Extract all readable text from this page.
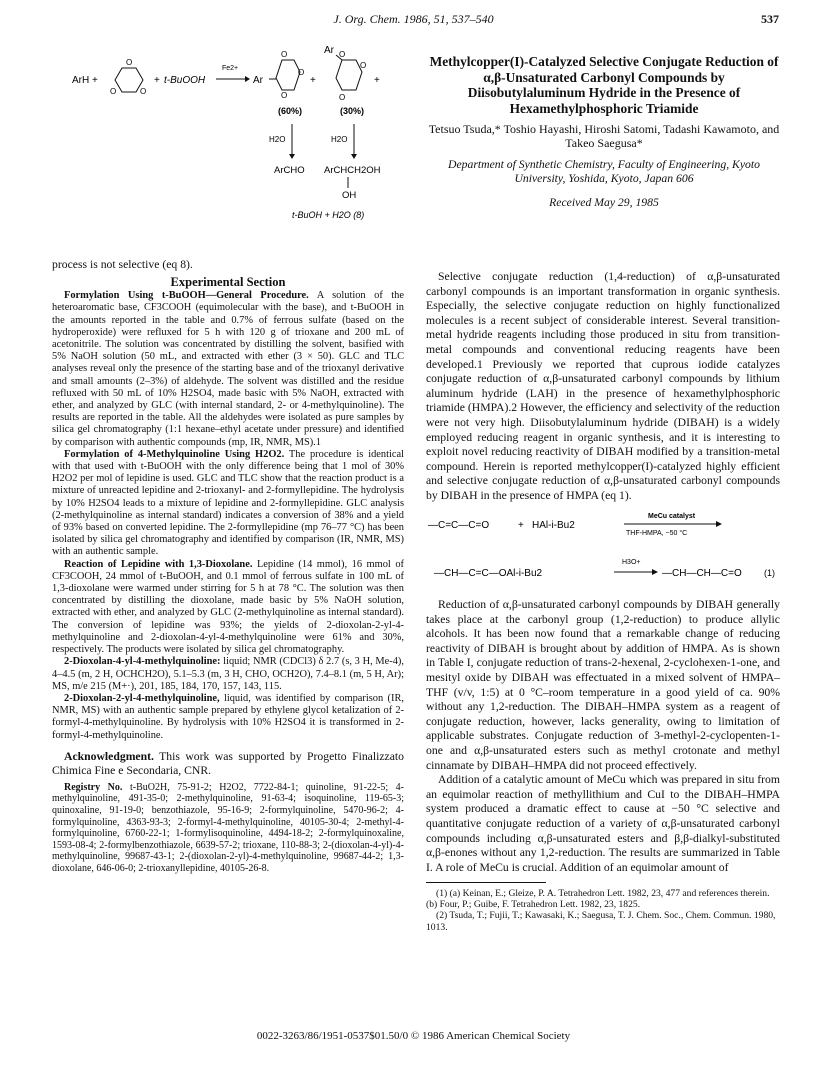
J. Org. Chem. 1986, 51, 537–540	537
ArH +
O	O
O
+ t-BuOOH
Fe2+
Ar
O
O
O
+
Ar O
O
O
+
(60%)	(30%)
H2O	H2O
ArCHO ArCHCH2OH
OH
t-BuOH + H2O (8)
Methylcopper(I)-Catalyzed Selective Conjugate Reduction of α,β-Unsaturated Carbonyl Compounds by Diisobutylaluminum Hydride in the Presence of Hexamethylphosphoric Triamide
Tetsuo Tsuda,* Toshio Hayashi, Hiroshi Satomi, Tadashi Kawamoto, and Takeo Saegusa*
Department of Synthetic Chemistry, Faculty of Engineering, Kyoto University, Yoshida, Kyoto, Japan 606
Received May 29, 1985

process is not selective (eq 8).

Experimental Section

Formylation Using t-BuOOH—General Procedure. A solution of the heteroaromatic base, CF3COOH (equimolecular with the base), and t-BuOOH in the amounts reported in the table and 0.7% of ferrous sulfate (based on the hydroperoxide) were refluxed for 5 h with 120 g of trioxane and 200 mL of acetonitrile. The solution was concentrated by distilling the solvent, basified with 5% NaOH solution (50 mL, and extracted with ether (3 × 50). GLC and TLC analyses reveal only the presence of the starting base and of the trioxanyl derivative and small amounts (2–3%) of aldehyde. The solvent was distilled and the residue refluxed with 50 mL of 10% H2SO4, made basic with 5% NaOH, extracted with ether, and analyzed by GLC (with internal standard, 2- or 4-methylquinoline). The results are reported in the table. All the aldehydes were isolated as pure samples by silica gel chromatography (1:1 hexane–ethyl acetate under pressure) and identified by comparison with authentic compounds (mp, IR, NMR, MS).1

Formylation of 4-Methylquinoline Using H2O2. The procedure is identical with that used with t-BuOOH with the only difference being that 1 mol of 30% H2O2 per mol of lepidine is used. GLC and TLC show that the reaction product is a mixture of unreacted lepidine and 2-trioxanyl- and 2-formyllepidine. The hydrolysis by 10% H2SO4 leads to a mixture of lepidine and 2-formyllepidine. GLC analysis (2-methylquinoline as internal standard) indicates a conversion of 38% and a yield of 93% based on converted lepidine. The 2-formyllepidine (mp 76–77 °C) has been isolated by silica gel chromatography and identified by comparison (IR, NMR, MS) with an authentic sample.

Reaction of Lepidine with 1,3-Dioxolane. Lepidine (14 mmol), 16 mmol of CF3COOH, 24 mmol of t-BuOOH, and 0.1 mmol of ferrous sulfate in 100 mL of 1,3-dioxolane were warmed under stirring for 5 h at 78 °C. The solution was then concentrated by distilling the dioxolane, made basic by 5% NaOH solution, extracted with ether, and analyzed by GLC (2-methylquinoline as internal standard). The conversion of lepidine was 93%; the yields of 2-dioxolan-2-yl-4-methylquinoline and 2-dioxolan-4-yl-4-methylquinoline were 61% and 30%, respectively. The products were isolated by silica gel chromatography.

2-Dioxolan-4-yl-4-methylquinoline: liquid; NMR (CDCl3) δ 2.7 (s, 3 H, Me-4), 4–4.5 (m, 2 H, OCHCH2O), 5.1–5.3 (m, 3 H, CHO, OCH2O), 7.4–8.1 (m, 5 H, Ar); MS, m/e 215 (M+·), 201, 185, 184, 170, 157, 143, 115.

2-Dioxolan-2-yl-4-methylquinoline, liquid, was identified by comparison (IR, NMR, MS) with an authentic sample prepared by ethylene glycol ketalization of 2-formyl-4-methylquinoline. By hydrolysis with 10% H2SO4 it is transformed in 2-formyl-4-methylquinoline.

Acknowledgment. This work was supported by Progetto Finalizzato Chimica Fine e Secondaria, CNR.

Registry No. t-BuO2H, 75-91-2; H2O2, 7722-84-1; quinoline, 91-22-5; 4-methylquinoline, 491-35-0; 2-methylquinoline, 91-63-4; isoquinoline, 119-65-3; quinoxaline, 91-19-0; benzothiazole, 95-16-9; 2-formylquinoline, 5470-96-2; 4-formylquinoline, 4363-93-3; 2-formyl-4-methylquinoline, 40105-30-4; 2-methyl-4-formylquinoline, 6760-22-1; 1-formylisoquinoline, 4494-18-2; 2-formylquinoxaline, 1593-08-4; 2-formylbenzothiazole, 6639-57-2; trioxane, 110-88-3; 2-(dioxolan-4-yl)-4-methylquinoline, 99687-43-1; 2-(dioxolan-2-yl)-4-methylquinoline, 99687-44-2; 1,3-dioxolane, 646-06-0; 2-trioxanyllepidine, 40105-26-8.

Selective conjugate reduction (1,4-reduction) of α,β-unsaturated carbonyl compounds is an important transformation in organic synthesis. Especially, the selective conjugate reduction on highly functionalized molecules is a recent subject of considerable interest. Several transition-metal hydride reagents including those produced in situ from transition-metal compounds and conventional reducing reagents have been developed.1 Previously we reported that cuprous iodide catalyzes conjugate reduction of α,β-unsaturated carbonyl compounds by lithium aluminum hydride (LAH) in the presence of hexamethylphosphoric triamide (HMPA).2 However, the efficiency and selectivity of the reduction were not very high. Diisobutylaluminum hydride (DIBAH) is a widely employed reducing reagent in organic synthesis, and it is interesting to exploit novel reducing reactivity of DIBAH modified by a transition-metal compound. Herein is reported methylcopper(I)-catalyzed highly efficient and selective conjugate reduction of α,β-unsaturated carbonyl compounds by DIBAH in the presence of HMPA (eq 1).

—C=C—C=O	+ HAl-i-Bu2
MeCu catalyst
THF-HMPA, −50 °C
—CH—C=C—OAl-i-Bu2
H3O+
—CH—CH—C=O (1)

Reduction of α,β-unsaturated carbonyl compounds by DIBAH generally takes place at the carbonyl group (1,2-reduction) to produce allylic alcohols. It has been now found that a remarkable change of reducing reactivity of DIBAH is brought about by addition of HMPA. As is shown in Table I, conjugate reduction of trans-2-hexenal, 2-cyclohexen-1-one, and mesityl oxide by DIBAH was effectuated in a mixed solvent of HMPA–THF (v/v, 1:5) at 0 °C–room temperature in a good yield of ca. 90% without any 1,2-reduction. The DIBAH–HMPA system as a reagent of conjugate reduction, however, lacks generality, owing to limitation of applicable substrates. Conjugate reduction of 3-methyl-2-cyclopenten-1-one and α,β-unsaturated esters such as methyl crotonate and methyl cinnamate by DIBAH–HMPA did not proceed effectively.

Addition of a catalytic amount of MeCu which was prepared in situ from an equimolar reaction of methyllithium and CuI to the DIBAH–HMPA system produced a dramatic effect to cause at −50 °C selective and quantitative conjugate reduction of a variety of α,β-unsaturated carbonyl compounds including α,β-unsaturated esters and β,β-dialkyl-substituted α,β-enones without any 1,2-reduction. The results are summarized in Table I. A role of MeCu is crucial. Addition of an equimolar amount of

(1) (a) Keinan, E.; Gleize, P. A. Tetrahedron Lett. 1982, 23, 477 and references therein. (b) Four, P.; Guibe, F. Tetrahedron Lett. 1982, 23, 1825.

(2) Tsuda, T.; Fujii, T.; Kawasaki, K.; Saegusa, T. J. Chem. Soc., Chem. Commun. 1980, 1013.

0022-3263/86/1951-0537$01.50/0 © 1986 American Chemical Society
